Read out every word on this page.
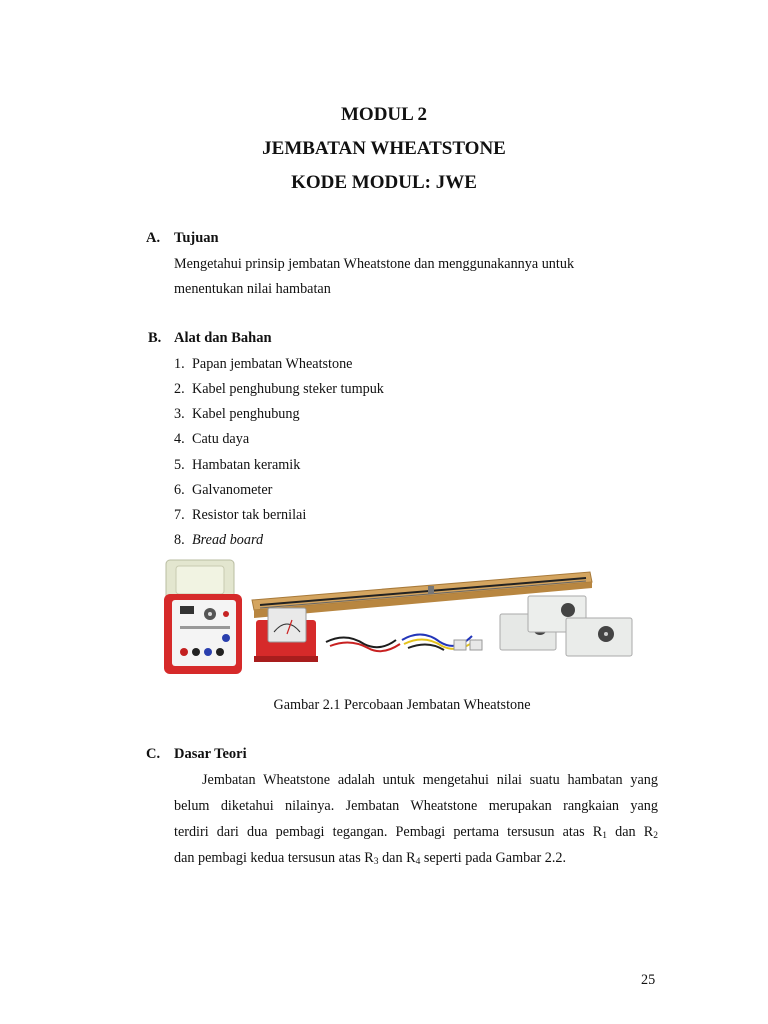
MODUL 2
JEMBATAN WHEATSTONE
KODE MODUL: JWE
A. Tujuan
Mengetahui prinsip jembatan Wheatstone dan menggunakannya untuk
menentukan nilai hambatan
B. Alat dan Bahan
1. Papan jembatan Wheatstone
2. Kabel penghubung steker tumpuk
3. Kabel penghubung
4. Catu daya
5. Hambatan keramik
6. Galvanometer
7. Resistor tak bernilai
8. Bread board
Gambar 2.1 Percobaan Jembatan Wheatstone
C. Dasar Teori
Jembatan Wheatstone adalah untuk mengetahui nilai suatu hambatan yang
belum diketahui nilainya. Jembatan Wheatstone merupakan rangkaian yang
terdiri dari dua pembagi tegangan. Pembagi pertama tersusun atas $R_1$ dan $R_2$
dan pembagi kedua tersusun atas $R_3$ dan $R_4$ seperti pada Gambar 2.2.
25
